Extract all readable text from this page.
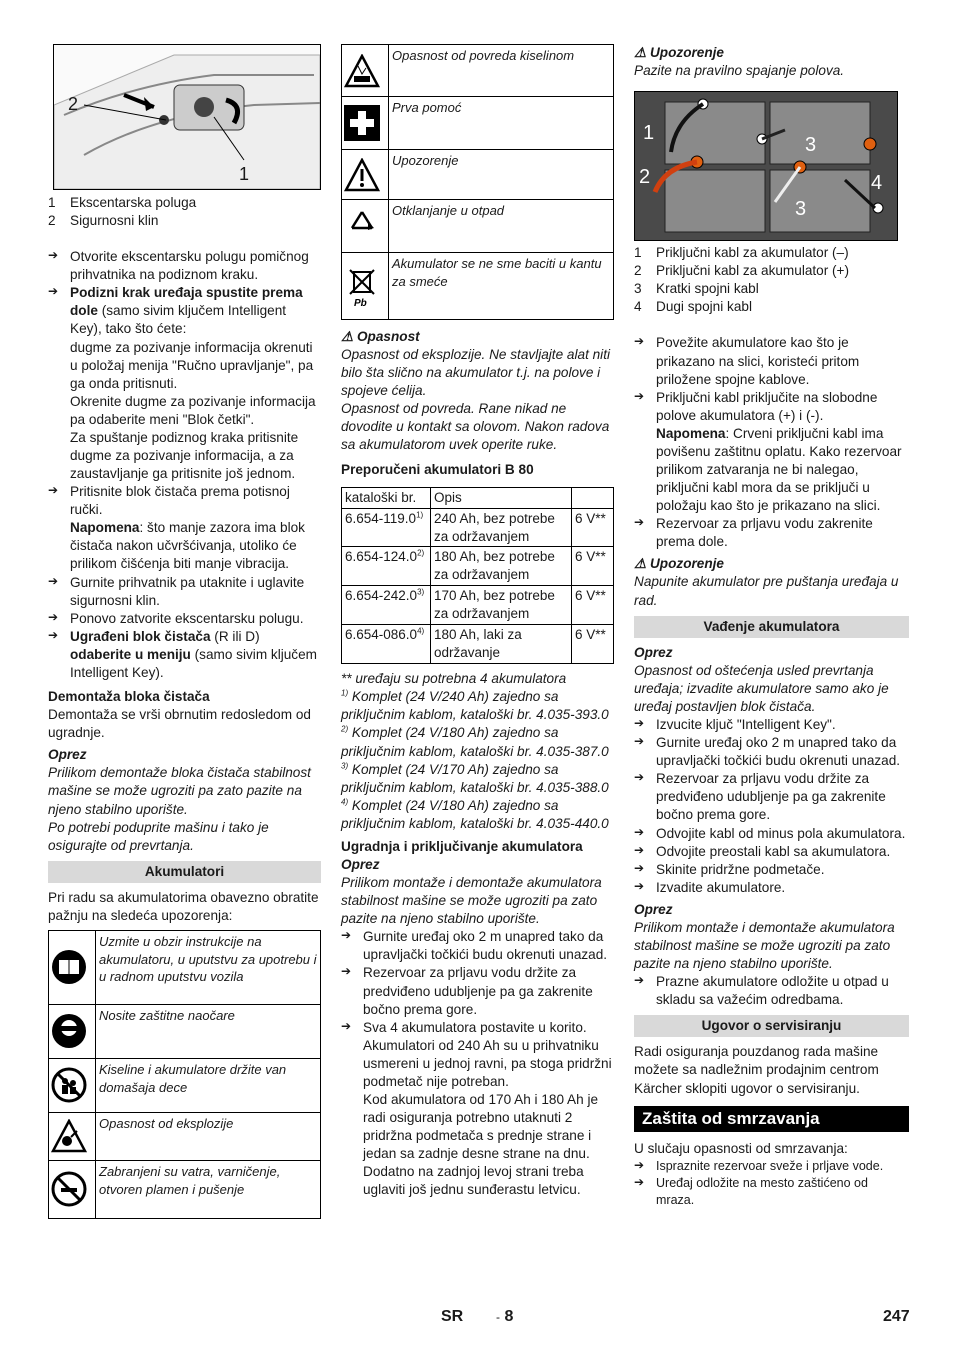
2
1

1	Ekscentarska poluga

2	Sigurnosni klin

➔ Otvorite ekscentarsku polugu pomičnog prihvatnika na podiznom kraku.

➔ Podizni krak uređaja spustite prema dole (samo sivim ključem Intelligent Key), tako što ćete:

dugme za pozivanje informacija okrenuti u položaj menija "Ručno upravljanje", pa ga onda pritisnuti.

Okrenite dugme za pozivanje informacija pa odaberite meni "Blok četki".

Za spuštanje podiznog kraka pritisnite dugme za pozivanje informacija, a za zaustavljanje ga pritisnite još jednom.

➔ Pritisnite blok čistača prema potisnoj ručki.

Napomena: što manje zazora ima blok čistača nakon učvršćivanja, utoliko će prilikom čišćenja biti manje vibracija.

➔ Gurnite prihvatnik pa utaknite i uglavite sigurnosni klin.

➔ Ponovo zatvorite ekscentarsku polugu.

➔ Ugrađeni blok čistača (R ili D) odaberite u meniju (samo sivim ključem Intelligent Key).

Demontaža bloka čistača

Demontaža se vrši obrnutim redosledom od ugradnje.

Oprez

Prilikom demontaže bloka čistača stabilnost mašine se može ugroziti pa zato pazite na njeno stabilno uporište.

Po potrebi poduprite mašinu i tako je osigurajte od prevrtanja.

Akumulatori

Pri radu sa akumulatorima obavezno obratite pažnju na sledeća upozorenja:

	Uzmite u obzir instrukcije na akumulatoru, u uputstvu za upotrebu i u radnom uputstvu vozila

	Nosite zaštitne naočare

	Kiseline i akumulatore držite van domašaja dece

	Opasnost od eksplozije

	Zabranjeni su vatra, varničenje, otvoren plamen i pušenje
	Opasnost od povreda kiselinom

	Prva pomoć

	Upozorenje

	Otklanjanje u otpad

Pb	Akumulator se ne sme baciti u kantu za smeće

⚠ Opasnost

Opasnost od eksplozije. Ne stavljajte alat niti bilo šta slično na akumulator t.j. na polove i spojeve ćelija.

Opasnost od povreda. Rane nikad ne dovodite u kontakt sa olovom. Nakon radova sa akumulatorom uvek operite ruke.

Preporučeni akumulatori B 80

kataloški br.	Opis	
6.654-119.0$^{1)}$	240 Ah, bez potrebe za održavanjem	6 V**
6.654-124.0$^{2)}$	180 Ah, bez potrebe za održavanjem	6 V**
6.654-242.0$^{3)}$	170 Ah, bez potrebe za održavanjem	6 V**
6.654-086.0$^{4)}$	180 Ah, laki za održavanje	6 V**

** uređaju su potrebna 4 akumulatora

$^{1)}$ Komplet (24 V/240 Ah) zajedno sa priključnim kablom, kataloški br. 4.035-393.0

$^{2)}$ Komplet (24 V/180 Ah) zajedno sa priključnim kablom, kataloški br. 4.035-387.0

$^{3)}$ Komplet (24 V/170 Ah) zajedno sa priključnim kablom, kataloški br. 4.035-388.0

$^{4)}$ Komplet (24 V/180 Ah) zajedno sa priključnim kablom, kataloški br. 4.035-440.0

Ugradnja i priključivanje akumulatora

Oprez

Prilikom montaže i demontaže akumulatora stabilnost mašine se može ugroziti pa zato pazite na njeno stabilno uporište.

➔ Gurnite uređaj oko 2 m unapred tako da upravljački točkići budu okrenuti unazad.

➔ Rezervoar za prljavu vodu držite za predviđeno udubljenje pa ga zakrenite bočno prema gore.

➔ Sva 4 akumulatora postavite u korito.

Akumulatori od 240 Ah su u prihvatniku usmereni u jednoj ravni, pa stoga pridržni podmetač nije potreban.

Kod akumulatora od 170 Ah i 180 Ah je radi osiguranja potrebno utaknuti 2 pridržna podmetača s prednje strane i jedan sa zadnje desne strane na dnu. Dodatno na zadnjoj levoj strani treba uglaviti još jednu sunđerastu letvicu.

⚠ Upozorenje

Pazite na pravilno spajanje polova.

1
2
3
4
3

1	Priključni kabl za akumulator (–)

2	Priključni kabl za akumulator (+)

3	Kratki spojni kabl

4	Dugi spojni kabl

➔ Povežite akumulatore kao što je prikazano na slici, koristeći pritom priložene spojne kablove.

➔ Priključni kabl priključite na slobodne polove akumulatora (+) i (-).

Napomena: Crveni priključni kabl ima povišenu zaštitnu oplatu. Kako rezervoar prilikom zatvaranja ne bi nalegao, priključni kabl mora da se priključi u položaju kao što je prikazano na slici.

➔ Rezervoar za prljavu vodu zakrenite prema dole.

⚠ Upozorenje

Napunite akumulator pre puštanja uređaja u rad.

Vađenje akumulatora

Oprez

Opasnost od oštećenja usled prevrtanja uređaja; izvadite akumulatore samo ako je uređaj postavljen blok čistača.

➔ Izvucite ključ "Intelligent Key".

➔ Gurnite uređaj oko 2 m unapred tako da upravljački točkići budu okrenuti unazad.

➔ Rezervoar za prljavu vodu držite za predviđeno udubljenje pa ga zakrenite bočno prema gore.

➔ Odvojite kabl od minus pola akumulatora.

➔ Odvojite preostali kabl sa akumulatora.

➔ Skinite pridržne podmetače.

➔ Izvadite akumulatore.

Oprez

Prilikom montaže i demontaže akumulatora stabilnost mašine se može ugroziti pa zato pazite na njeno stabilno uporište.

➔ Prazne akumulatore odložite u otpad u skladu sa važećim odredbama.

Ugovor o servisiranju

Radi osiguranja pouzdanog rada mašine možete sa nadležnim prodajnim centrom Kärcher sklopiti ugovor o servisiranju.

Zaštita od smrzavanja

U slučaju opasnosti od smrzavanja:

➔ Ispraznite rezervoar sveže i prljave vode.

➔ Uređaj odložite na mesto zaštićeno od mraza.

SR	- 8	247
